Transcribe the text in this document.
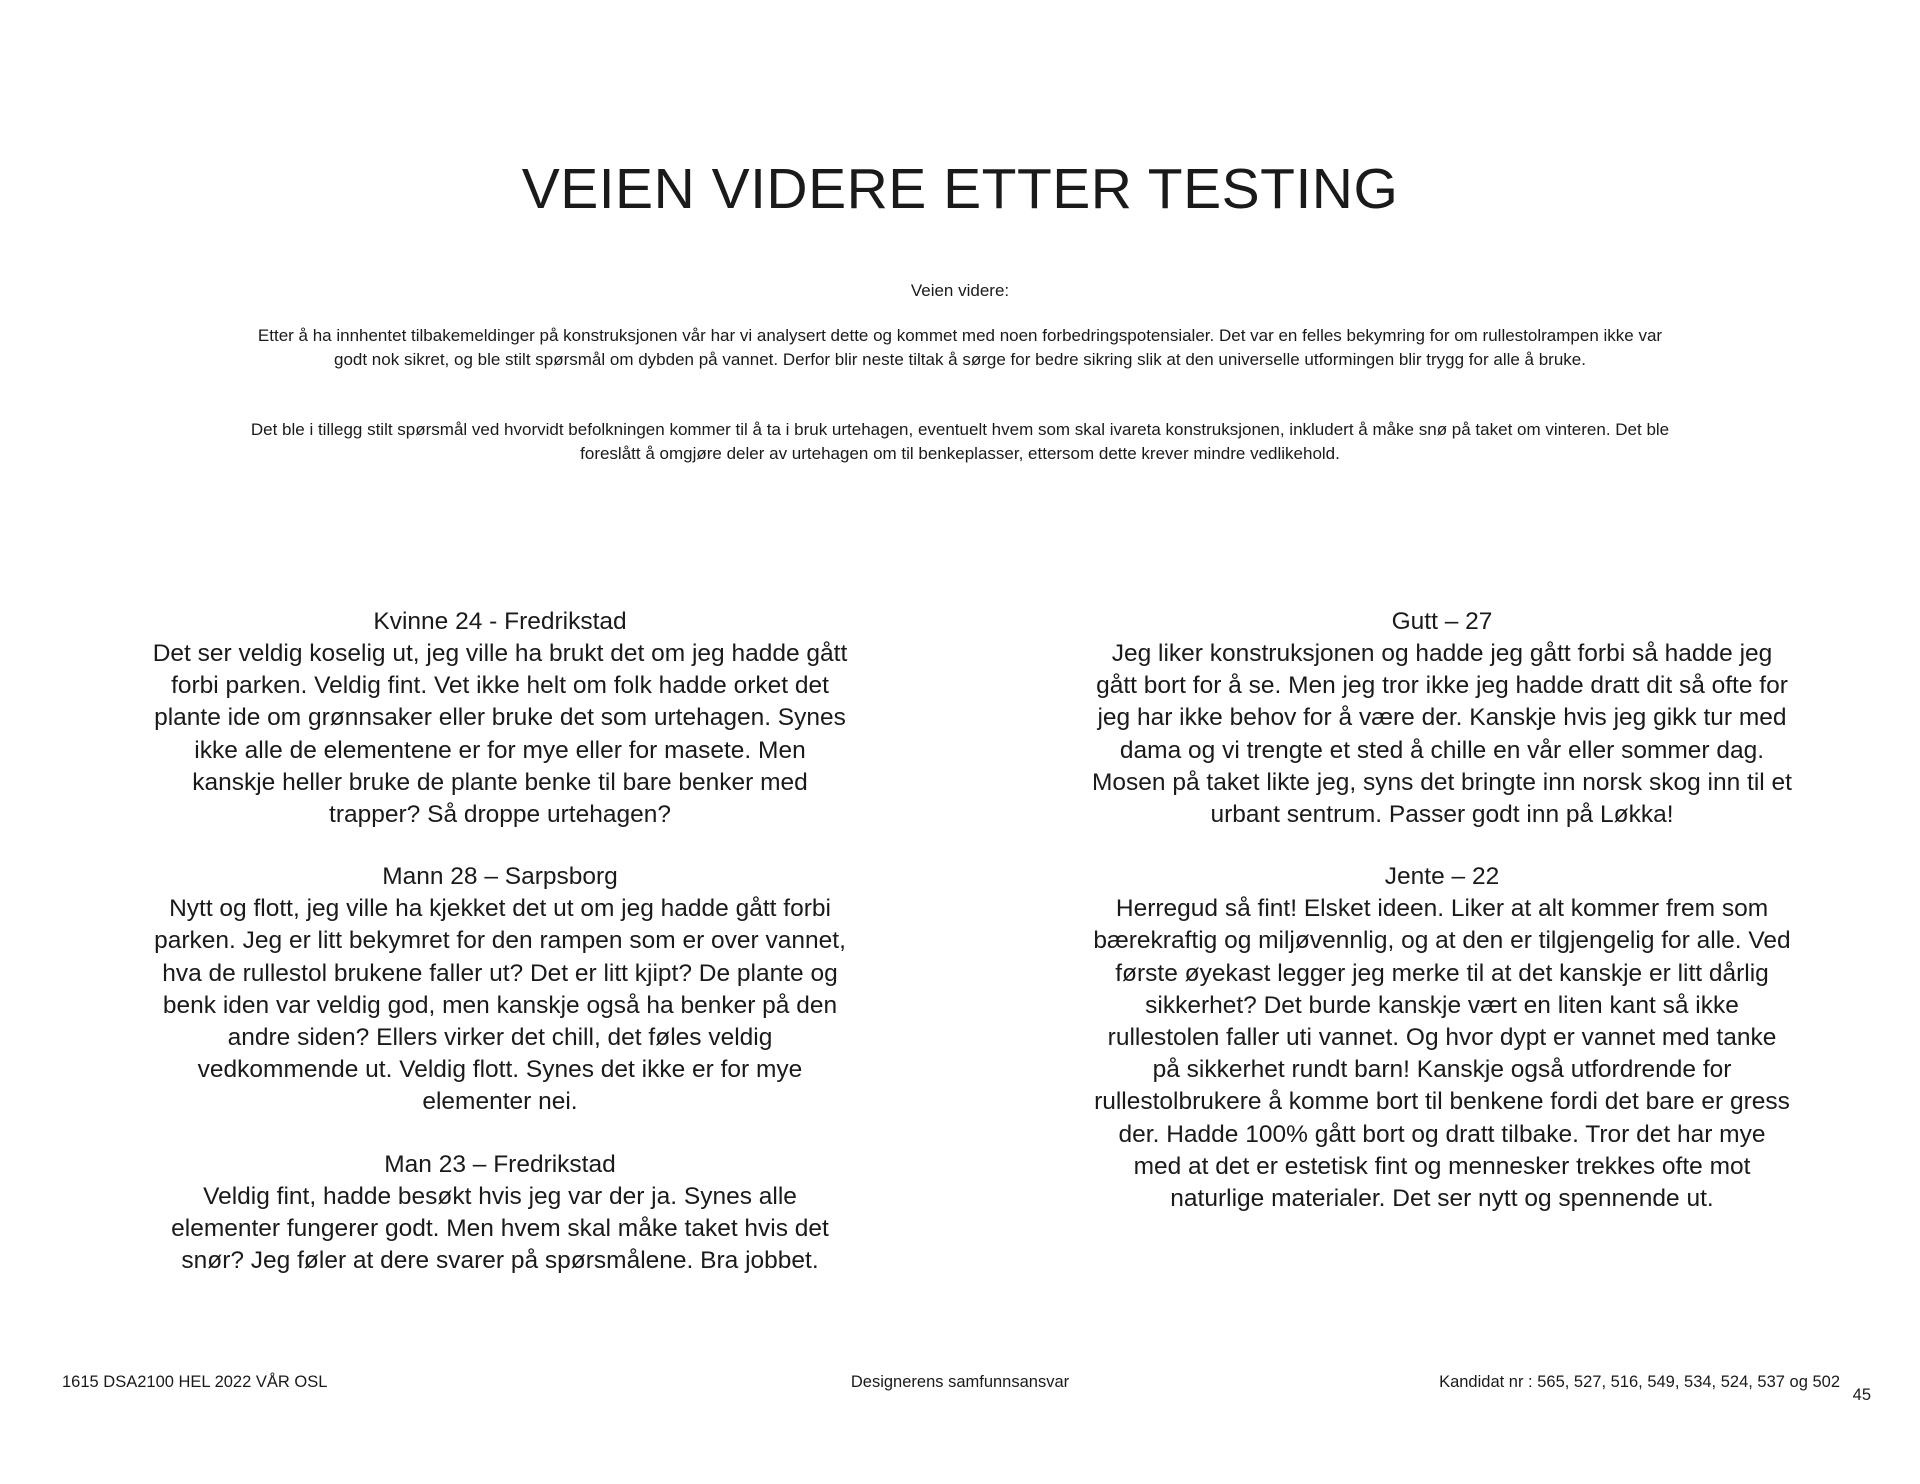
VEIEN VIDERE ETTER TESTING
Veien videre:

Etter å ha innhentet tilbakemeldinger på konstruksjonen vår har vi analysert dette og kommet med noen forbedringspotensialer. Det var en felles bekymring for om rullestolrampen ikke var godt nok sikret, og ble stilt spørsmål om dybden på vannet. Derfor blir neste tiltak å sørge for bedre sikring slik at den universelle utformingen blir trygg for alle å bruke.

Det ble i tillegg stilt spørsmål ved hvorvidt befolkningen kommer til å ta i bruk urtehagen, eventuelt hvem som skal ivareta konstruksjonen, inkludert å måke snø på taket om vinteren. Det ble foreslått å omgjøre deler av urtehagen om til benkeplasser, ettersom dette krever mindre vedlikehold.

Kvinne 24 - Fredrikstad
Det ser veldig koselig ut, jeg ville ha brukt det om jeg hadde gått forbi parken. Veldig fint. Vet ikke helt om folk hadde orket det plante ide om grønnsaker eller bruke det som urtehagen. Synes ikke alle de elementene er for mye eller for masete. Men kanskje heller bruke de plante benke til bare benker med trapper? Så droppe urtehagen?
Mann 28 – Sarpsborg
Nytt og flott, jeg ville ha kjekket det ut om jeg hadde gått forbi parken. Jeg er litt bekymret for den rampen som er over vannet, hva de rullestol brukene faller ut? Det er litt kjipt? De plante og benk iden var veldig god, men kanskje også ha benker på den andre siden? Ellers virker det chill, det føles veldig vedkommende ut. Veldig flott. Synes det ikke er for mye elementer nei.
Man 23 – Fredrikstad
Veldig fint, hadde besøkt hvis jeg var der ja. Synes alle elementer fungerer godt. Men hvem skal måke taket hvis det snør? Jeg føler at dere svarer på spørsmålene. Bra jobbet.
Gutt – 27
Jeg liker konstruksjonen og hadde jeg gått forbi så hadde jeg gått bort for å se. Men jeg tror ikke jeg hadde dratt dit så ofte for jeg har ikke behov for å være der. Kanskje hvis jeg gikk tur med dama og vi trengte et sted å chille en vår eller sommer dag. Mosen på taket likte jeg, syns det bringte inn norsk skog inn til et urbant sentrum. Passer godt inn på Løkka!
Jente – 22
Herregud så fint! Elsket ideen. Liker at alt kommer frem som bærekraftig og miljøvennlig, og at den er tilgjengelig for alle. Ved første øyekast legger jeg merke til at det kanskje er litt dårlig sikkerhet? Det burde kanskje vært en liten kant så ikke rullestolen faller uti vannet. Og hvor dypt er vannet med tanke på sikkerhet rundt barn! Kanskje også utfordrende for rullestolbrukere å komme bort til benkene fordi det bare er gress der. Hadde 100% gått bort og dratt tilbake. Tror det har mye med at det er estetisk fint og mennesker trekkes ofte mot naturlige materialer. Det ser nytt og spennende ut.
1615 DSA2100 HEL 2022 VÅR OSL	Designerens samfunnsansvar	Kandidat nr : 565, 527, 516, 549, 534, 524, 537 og 502
45
